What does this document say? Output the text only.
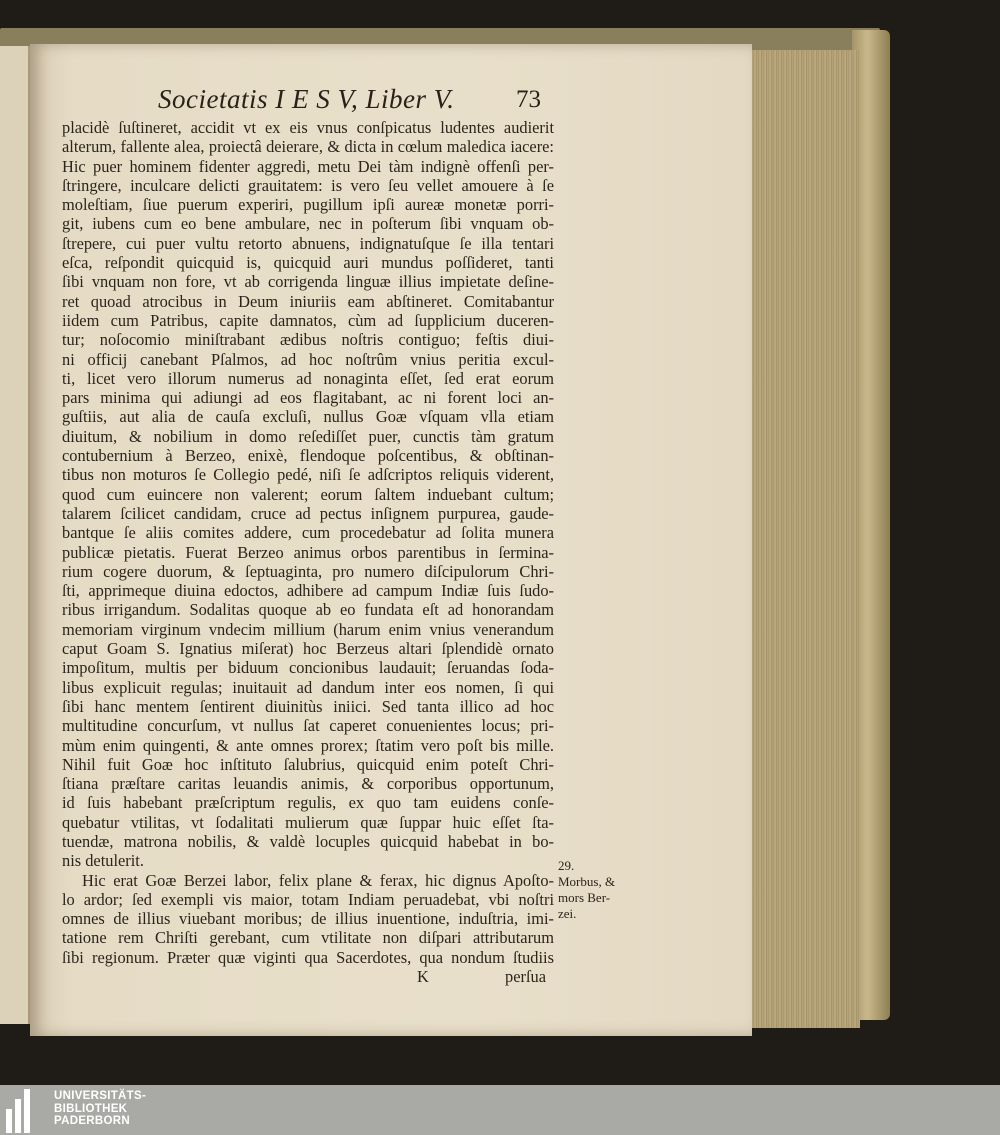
Societatis I E S V, Liber V. 73
placidè ſuſtineret, accidit vt ex eis vnus conſpicatus ludentes audierit
alterum, fallente alea, proiectâ deierare, & dicta in cœlum maledica iacere:
Hic puer hominem fidenter aggredi, metu Dei tàm indignè offenſi per-
ſtringere, inculcare delicti grauitatem: is vero ſeu vellet amouere à ſe
moleſtiam, ſiue puerum experiri, pugillum ipſi aureæ monetæ porri-
git, iubens cum eo bene ambulare, nec in poſterum ſibi vnquam ob-
ſtrepere, cui puer vultu retorto abnuens, indignatuſque ſe illa tentari
eſca, reſpondit quicquid is, quicquid auri mundus poſſideret, tanti
ſibi vnquam non fore, vt ab corrigenda linguæ illius impietate deſine-
ret quoad atrocibus in Deum iniuriis eam abſtineret. Comitabantur
iidem cum Patribus, capite damnatos, cùm ad ſupplicium duceren-
tur; noſocomio miniſtrabant ædibus noſtris contiguo; feſtis diui-
ni officij canebant Pſalmos, ad hoc noſtrûm vnius peritia excul-
ti, licet vero illorum numerus ad nonaginta eſſet, ſed erat eorum
pars minima qui adiungi ad eos flagitabant, ac ni forent loci an-
guſtiis, aut alia de cauſa excluſi, nullus Goæ vſquam vlla etiam
diuitum, & nobilium in domo reſediſſet puer, cunctis tàm gratum
contubernium à Berzeo, enixè, flendoque poſcentibus, & obſtinan-
tibus non moturos ſe Collegio pedé, niſi ſe adſcriptos reliquis viderent,
quod cum euincere non valerent; eorum ſaltem induebant cultum;
talarem ſcilicet candidam, cruce ad pectus inſignem purpurea, gaude-
bantque ſe aliis comites addere, cum procedebatur ad ſolita munera
publicæ pietatis. Fuerat Berzeo animus orbos parentibus in ſermina-
rium cogere duorum, & ſeptuaginta, pro numero diſcipulorum Chri-
ſti, apprimeque diuina edoctos, adhibere ad campum Indiæ ſuis ſudo-
ribus irrigandum. Sodalitas quoque ab eo fundata eſt ad honorandam
memoriam virginum vndecim millium (harum enim vnius venerandum
caput Goam S. Ignatius miſerat) hoc Berzeus altari ſplendidè ornato
impoſitum, multis per biduum concionibus laudauit; ſeruandas ſoda-
libus explicuit regulas; inuitauit ad dandum inter eos nomen, ſi qui
ſibi hanc mentem ſentirent diuinitùs iniici. Sed tanta illico ad hoc
multitudine concurſum, vt nullus ſat caperet conuenientes locus; pri-
mùm enim quingenti, & ante omnes prorex; ſtatim vero poſt bis mille.
Nihil fuit Goæ hoc inſtituto ſalubrius, quicquid enim poteſt Chri-
ſtiana præſtare caritas leuandis animis, & corporibus opportunum,
id ſuis habebant præſcriptum regulis, ex quo tam euidens conſe-
quebatur vtilitas, vt ſodalitati mulierum quæ ſuppar huic eſſet ſta-
tuendæ, matrona nobilis, & valdè locuples quicquid habebat in bo-
nis detulerit.
Hic erat Goæ Berzei labor, felix plane & ferax, hic dignus Apoſto-
lo ardor; ſed exempli vis maior, totam Indiam peruadebat, vbi noſtri
omnes de illius viuebant moribus; de illius inuentione, induſtria, imi-
tatione rem Chriſti gerebant, cum vtilitate non diſpari attributarum
ſibi regionum. Præter quæ viginti qua Sacerdotes, qua nondum ſtudiis
K	perſua
29.
Morbus, &
mors Ber-
zei.
UNIVERSITÄTS-
BIBLIOTHEK
PADERBORN
